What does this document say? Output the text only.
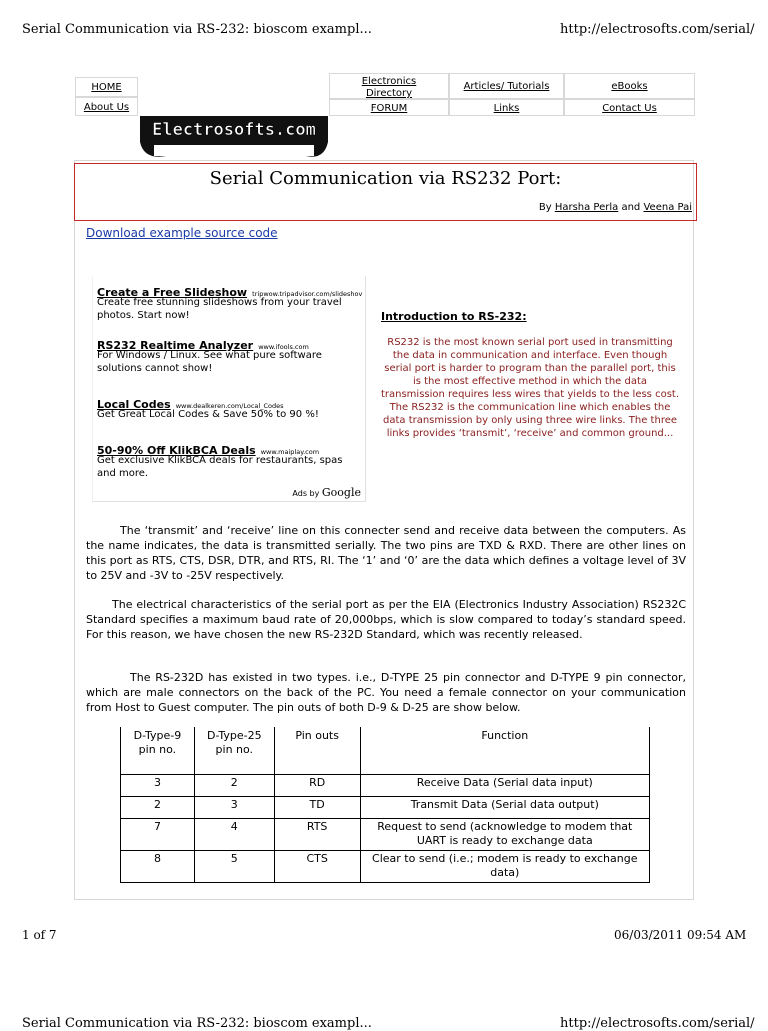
Serial Communication via RS-232: bioscom exampl...	http://electrosofts.com/serial/
HOME
About Us
Electronics
Directory
FORUM
Articles/ Tutorials
Links
eBooks
Contact Us
Electrosofts.com
Serial Communication via RS232 Port:
By Harsha Perla and Veena Pai
Download example source code
Create a Free Slideshow tripwow.tripadvisor.com/slideshov
Create free stunning slideshows from your travel photos. Start now!
RS232 Realtime Analyzer www.ifools.com
For Windows / Linux. See what pure software solutions cannot show!
Local Codes www.dealkeren.com/Local_Codes
Get Great Local Codes & Save 50% to 90 %!
50-90% Off KlikBCA Deals www.maiplay.com
Get exclusive KlikBCA deals for restaurants, spas and more.
Ads by Google
Introduction to RS-232:
RS232 is the most known serial port used in transmitting the data in communication and interface. Even though serial port is harder to program than the parallel port, this is the most effective method in which the data transmission requires less wires that yields to the less cost. The RS232 is the communication line which enables the data transmission by only using three wire links. The three links provides ‘transmit’, ‘receive’ and common ground...
The ‘transmit’ and ‘receive’ line on this connecter send and receive data between the computers. As the name indicates, the data is transmitted serially. The two pins are TXD & RXD. There are other lines on this port as RTS, CTS, DSR, DTR, and RTS, RI. The ‘1’ and ‘0’ are the data which defines a voltage level of 3V to 25V and -3V to -25V respectively.
The electrical characteristics of the serial port as per the EIA (Electronics Industry Association) RS232C Standard specifies a maximum baud rate of 20,000bps, which is slow compared to today’s standard speed. For this reason, we have chosen the new RS-232D Standard, which was recently released.
The RS-232D has existed in two types. i.e., D-TYPE 25 pin connector and D-TYPE 9 pin connector, which are male connectors on the back of the PC. You need a female connector on your communication from Host to Guest computer. The pin outs of both D-9 & D-25 are show below.
D-Type-9 pin no.	D-Type-25 pin no.	Pin outs	Function
3	2	RD	Receive Data (Serial data input)
2	3	TD	Transmit Data (Serial data output)
7	4	RTS	Request to send (acknowledge to modem that UART is ready to exchange data
8	5	CTS	Clear to send (i.e.; modem is ready to exchange data)
1 of 7	06/03/2011 09:54 AM
Serial Communication via RS-232: bioscom exampl...	http://electrosofts.com/serial/
